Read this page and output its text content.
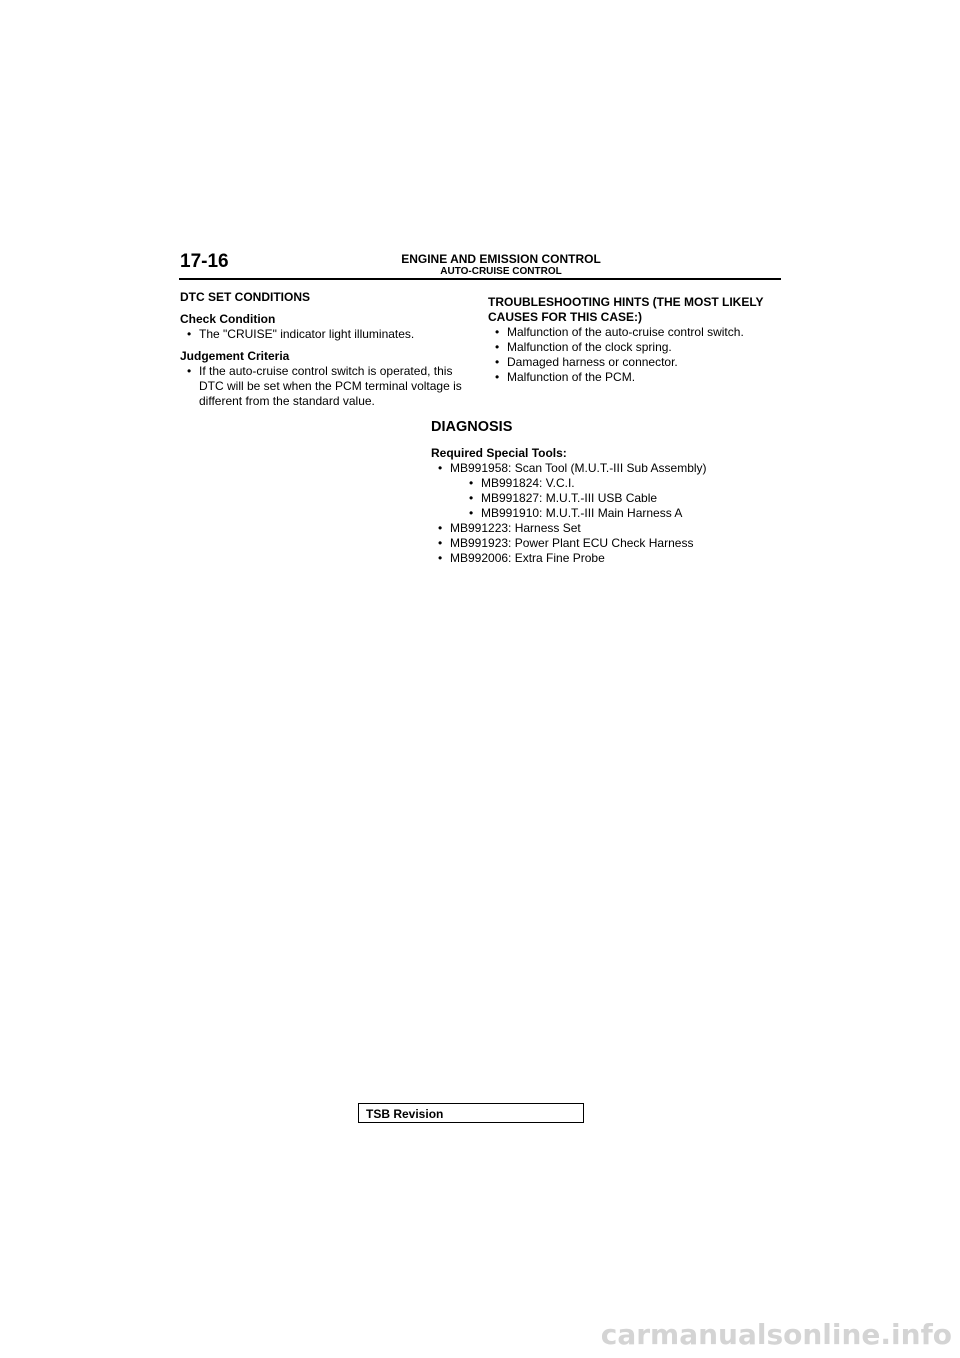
17-16	ENGINE AND EMISSION CONTROL
AUTO-CRUISE CONTROL
DTC SET CONDITIONS
Check Condition
• The "CRUISE" indicator light illuminates.
Judgement Criteria
• If the auto-cruise control switch is operated, this DTC will be set when the PCM terminal voltage is different from the standard value.
TROUBLESHOOTING HINTS (THE MOST LIKELY CAUSES FOR THIS CASE:)
• Malfunction of the auto-cruise control switch.
• Malfunction of the clock spring.
• Damaged harness or connector.
• Malfunction of the PCM.
DIAGNOSIS
Required Special Tools:
• MB991958: Scan Tool (M.U.T.-III Sub Assembly)
• MB991824: V.C.I.
• MB991827: M.U.T.-III USB Cable
• MB991910: M.U.T.-III Main Harness A
• MB991223: Harness Set
• MB991923: Power Plant ECU Check Harness
• MB992006: Extra Fine Probe
TSB Revision
carmanualsonline.info
